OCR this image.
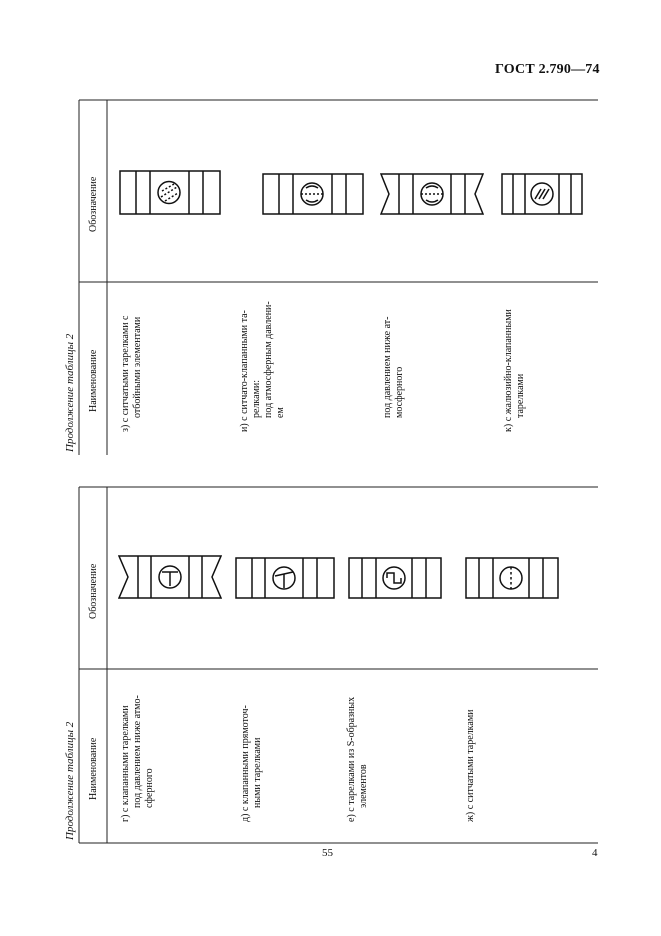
ГОСТ 2.790—74
55	4
Продолжение таблицы 2 Наименование
Обозначение
з) с ситчатыми тарелками с отбойными элементами	и) с ситчато-клапанными та- релками: под атмосферным давлени- ем	под давлением ниже ат- мосферного	к) с жалюзийно-клапанными тарелками
Продолжение таблицы 2 Наименование
Обозначение
г) с клапанными тарелками под давлением ниже атмо- сферного	д) с клапанными прямоточ- ными тарелками	е) с тарелками из S-образных элементов	ж) с ситчатыми тарелками
